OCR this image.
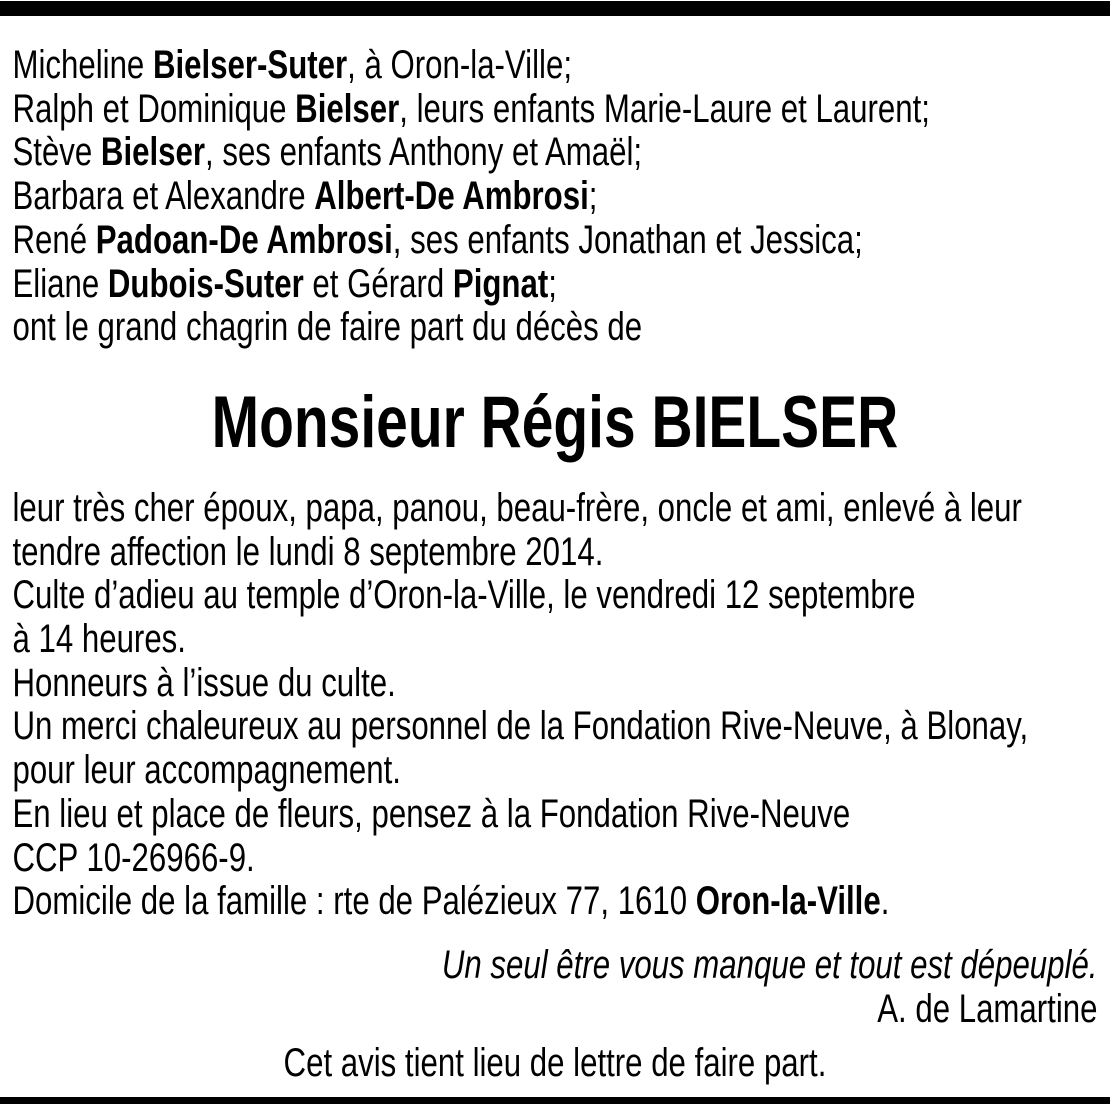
Micheline Bielser-Suter, à Oron-la-Ville;
Ralph et Dominique Bielser, leurs enfants Marie-Laure et Laurent;
Stève Bielser, ses enfants Anthony et Amaël;
Barbara et Alexandre Albert-De Ambrosi;
René Padoan-De Ambrosi, ses enfants Jonathan et Jessica;
Eliane Dubois-Suter et Gérard Pignat;
ont le grand chagrin de faire part du décès de
Monsieur Régis BIELSER
leur très cher époux, papa, panou, beau-frère, oncle et ami, enlevé à leur
tendre affection le lundi 8 septembre 2014.
Culte d’adieu au temple d’Oron-la-Ville, le vendredi 12 septembre
à 14 heures.
Honneurs à l’issue du culte.
Un merci chaleureux au personnel de la Fondation Rive-Neuve, à Blonay,
pour leur accompagnement.
En lieu et place de fleurs, pensez à la Fondation Rive-Neuve
CCP 10-26966-9.
Domicile de la famille : rte de Palézieux 77, 1610 Oron-la-Ville.
Un seul être vous manque et tout est dépeuplé.
A. de Lamartine
Cet avis tient lieu de lettre de faire part.
